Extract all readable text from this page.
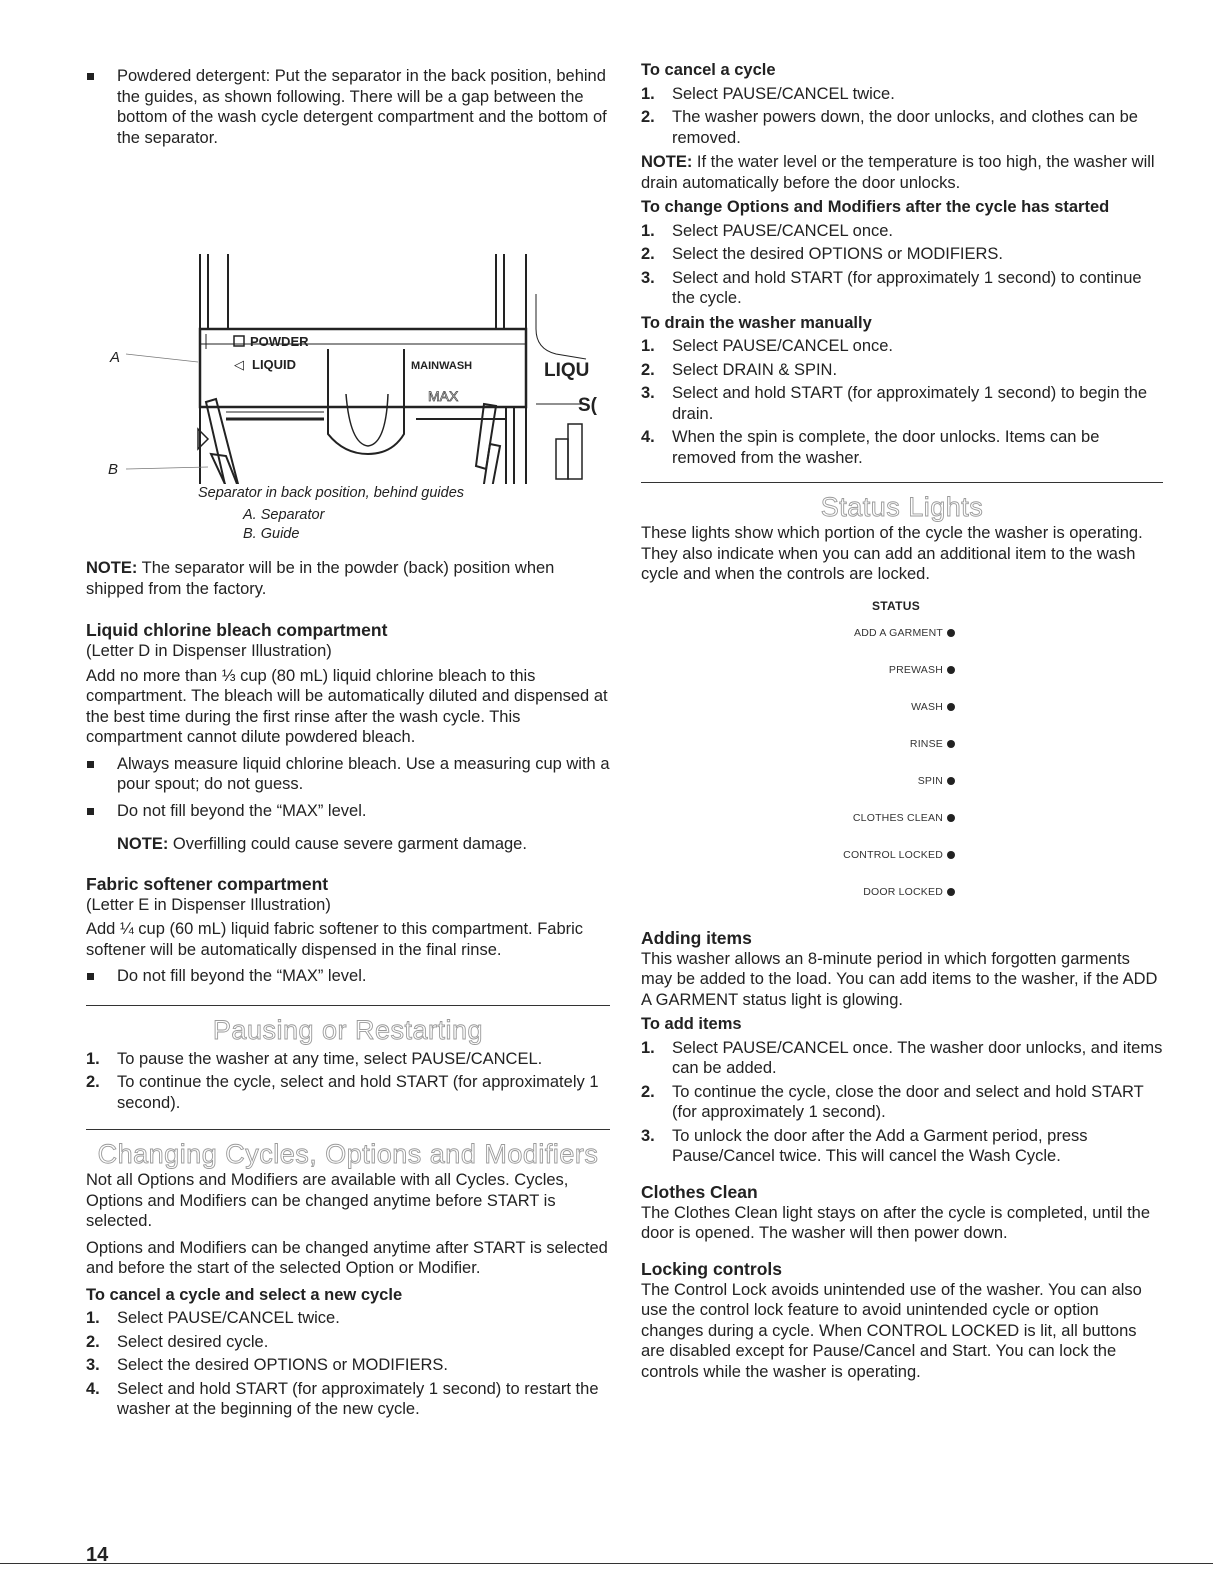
Powdered detergent: Put the separator in the back position, behind the guides, as shown following. There will be a gap between the bottom of the wash cycle detergent compartment and the bottom of the separator.
A
B
POWDER
◁ LIQUID	MAINWASH
MAX
LIQU
S(
Separator in back position, behind guides
A. Separator
B. Guide

NOTE: The separator will be in the powder (back) position when shipped from the factory.

Liquid chlorine bleach compartment

(Letter D in Dispenser Illustration)

Add no more than ⅓ cup (80 mL) liquid chlorine bleach to this compartment. The bleach will be automatically diluted and dispensed at the best time during the first rinse after the wash cycle. This compartment cannot dilute powdered bleach.

Always measure liquid chlorine bleach. Use a measuring cup with a pour spout; do not guess.
Do not fill beyond the “MAX” level.
NOTE: Overfilling could cause severe garment damage.
Fabric softener compartment

(Letter E in Dispenser Illustration)

Add ¼ cup (60 mL) liquid fabric softener to this compartment. Fabric softener will be automatically dispensed in the final rinse.

Do not fill beyond the “MAX” level.
Pausing or Restarting
1. To pause the washer at any time, select PAUSE/CANCEL.
2. To continue the cycle, select and hold START (for approximately 1 second).
Changing Cycles, Options and Modifiers

Not all Options and Modifiers are available with all Cycles. Cycles, Options and Modifiers can be changed anytime before START is selected.

Options and Modifiers can be changed anytime after START is selected and before the start of the selected Option or Modifier.

To cancel a cycle and select a new cycle
1. Select PAUSE/CANCEL twice.
2. Select desired cycle.
3. Select the desired OPTIONS or MODIFIERS.
4. Select and hold START (for approximately 1 second) to restart the washer at the beginning of the new cycle.
To cancel a cycle
1. Select PAUSE/CANCEL twice.
2. The washer powers down, the door unlocks, and clothes can be removed.

NOTE: If the water level or the temperature is too high, the washer will drain automatically before the door unlocks.

To change Options and Modifiers after the cycle has started
1. Select PAUSE/CANCEL once.
2. Select the desired OPTIONS or MODIFIERS.
3. Select and hold START (for approximately 1 second) to continue the cycle.
To drain the washer manually
1. Select PAUSE/CANCEL once.
2. Select DRAIN & SPIN.
3. Select and hold START (for approximately 1 second) to begin the drain.
4. When the spin is complete, the door unlocks. Items can be removed from the washer.
Status Lights

These lights show which portion of the cycle the washer is operating. They also indicate when you can add an additional item to the wash cycle and when the controls are locked.

STATUS
ADD A GARMENT
PREWASH
WASH
RINSE
SPIN
CLOTHES CLEAN
CONTROL LOCKED
DOOR LOCKED
Adding items

This washer allows an 8-minute period in which forgotten garments may be added to the load. You can add items to the washer, if the ADD A GARMENT status light is glowing.

To add items
1. Select PAUSE/CANCEL once. The washer door unlocks, and items can be added.
2. To continue the cycle, close the door and select and hold START (for approximately 1 second).
3. To unlock the door after the Add a Garment period, press Pause/Cancel twice. This will cancel the Wash Cycle.
Clothes Clean

The Clothes Clean light stays on after the cycle is completed, until the door is opened. The washer will then power down.

Locking controls

The Control Lock avoids unintended use of the washer. You can also use the control lock feature to avoid unintended cycle or option changes during a cycle. When CONTROL LOCKED is lit, all buttons are disabled except for Pause/Cancel and Start. You can lock the controls while the washer is operating.

14
